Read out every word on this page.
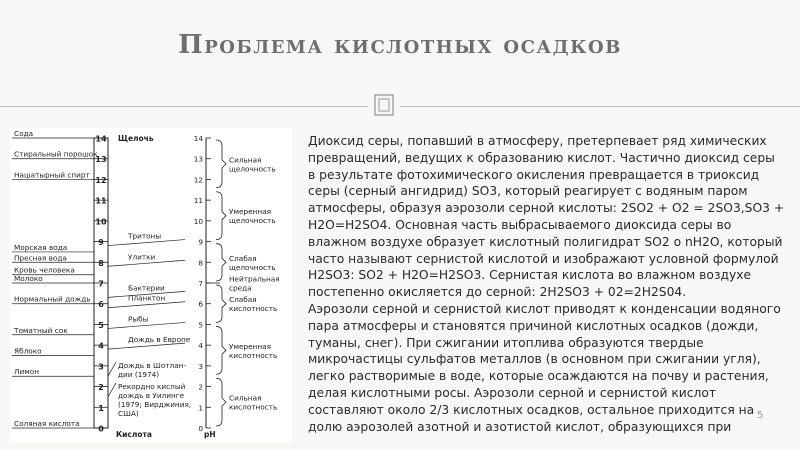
Проблема кислотных осадков
14
13
12
11
10
9
8
7
6
5
4
3
2
1
0
Щелочь
Кислота
Сода
Стиральный порошок
Нашатырный спирт
Морская вода
Пресная вода
Кровь человека
Молоко
Нормальный дождь
Томатный сок
Яблоко
Лимон
Соляная кислота
Тритоны
Улитки
Бактерии
Планктон
Рыбы
Дождь в Европе
Дождь в Шотлан-
дии (1974)
Рекордно кислый
дождь в Уилинге
(1979; Вирджиния,
США)
14
13
12
11
10
9
8
7
6
5
4
3
2
1
0
pH
Сильная
щелочность
Умеренная
щелочность
Слабая
щелочность
Нейтральная
среда
Слабая
кислотность
Умеренная
кислотность
Сильная
кислотность

Диоксид серы, попавший в атмосферу, претерпевает ряд химических превращений, ведущих к образованию кислот. Частично диоксид серы в результате фотохимического окисления превращается в триоксид серы (серный ангидрид) SO3, который реагирует с водяным паром атмосферы, образуя аэрозоли серной кислоты: 2SO2 + O2 = 2SO3,SO3 + H2O=H2SO4. Основная часть выбрасываемого диоксида серы во влажном воздухе образует кислотный полигидрат SO2 о nH2O, который часто называют сернистой кислотой и изображают условной формулой H2SO3: SO2 + H2O=H2SO3. Сернистая кислота во влажном воздухе постепенно окисляется до серной: 2H2SO3 + 02=2H2S04.

Аэрозоли серной и сернистой кислот приводят к конденсации водяного пара атмосферы и становятся причиной кислотных осадков (дожди, туманы, снег). При сжигании итоплива образуются твердые микрочастицы сульфатов металлов (в основном при сжигании угля), легко растворимые в воде, которые осаждаются на почву и растения, делая кислотными росы. Аэрозоли серной и сернистой кислот составляют около 2/3 кислотных осадков, остальное приходится на долю аэрозолей азотной и азотистой кислот, образующихся при

5
